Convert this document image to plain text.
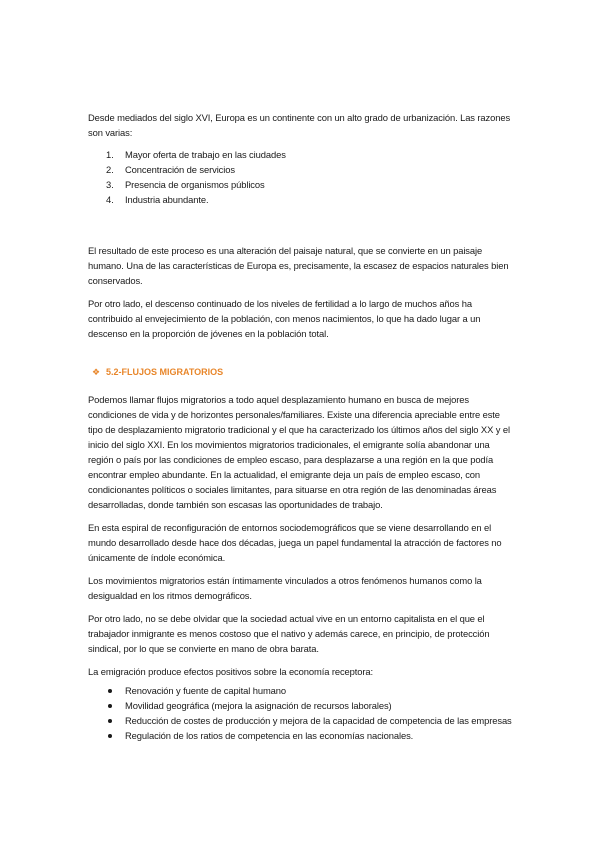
Desde mediados del siglo XVI, Europa es un continente con un alto grado de urbanización. Las razones son varias:

1.	Mayor oferta de trabajo en las ciudades
2.	Concentración de servicios
3.	Presencia de organismos públicos
4.	Industria abundante.

El resultado de este proceso es una alteración del paisaje natural, que se convierte en un paisaje humano. Una de las características de Europa es, precisamente, la escasez de espacios naturales bien conservados.

Por otro lado, el descenso continuado de los niveles de fertilidad a lo largo de muchos años ha contribuido al envejecimiento de la población, con menos nacimientos, lo que ha dado lugar a un descenso en la proporción de jóvenes en la población total.

❖ 5.2-FLUJOS MIGRATORIOS

Podemos llamar flujos migratorios a todo aquel desplazamiento humano en busca de mejores condiciones de vida y de horizontes personales/familiares. Existe una diferencia apreciable entre este tipo de desplazamiento migratorio tradicional y el que ha caracterizado los últimos años del siglo XX y el inicio del siglo XXI. En los movimientos migratorios tradicionales, el emigrante solía abandonar una región o país por las condiciones de empleo escaso, para desplazarse a una región en la que podía encontrar empleo abundante. En la actualidad, el emigrante deja un país de empleo escaso, con condicionantes políticos o sociales limitantes, para situarse en otra región de las denominadas áreas desarrolladas, donde también son escasas las oportunidades de trabajo.

En esta espiral de reconfiguración de entornos sociodemográficos que se viene desarrollando en el mundo desarrollado desde hace dos décadas, juega un papel fundamental la atracción de factores no únicamente de índole económica.

Los movimientos migratorios están íntimamente vinculados a otros fenómenos humanos como la desigualdad en los ritmos demográficos.

Por otro lado, no se debe olvidar que la sociedad actual vive en un entorno capitalista en el que el trabajador inmigrante es menos costoso que el nativo y además carece, en principio, de protección sindical, por lo que se convierte en mano de obra barata.

La emigración produce efectos positivos sobre la economía receptora:

Renovación y fuente de capital humano
Movilidad geográfica (mejora la asignación de recursos laborales)
Reducción de costes de producción y mejora de la capacidad de competencia de las empresas
Regulación de los ratios de competencia en las economías nacionales.
